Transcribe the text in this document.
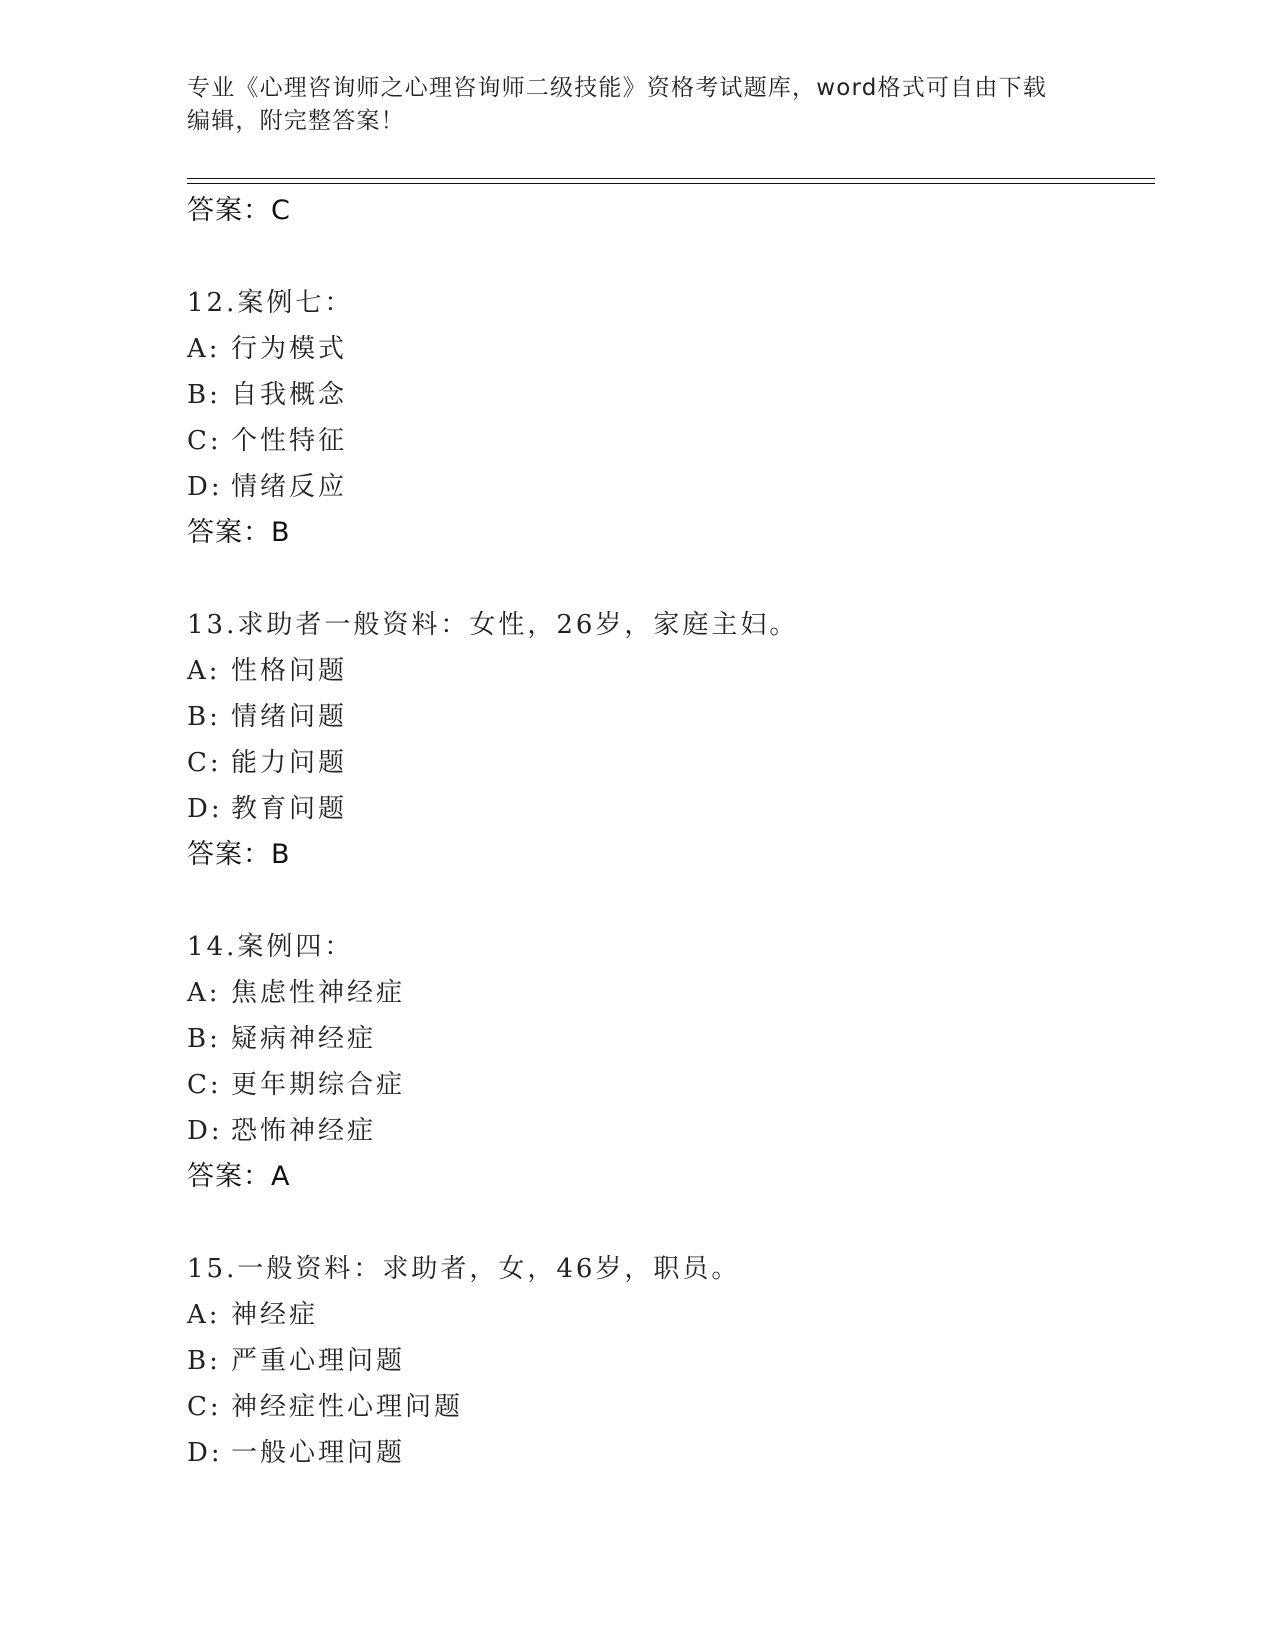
专业《心理咨询师之心理咨询师二级技能》资格考试题库，word格式可自由下载
编辑，附完整答案！
答案：C
12.案例七：
A: 行为模式
B: 自我概念
C: 个性特征
D: 情绪反应
答案：B
13.求助者一般资料：女性，26岁，家庭主妇。
A: 性格问题
B: 情绪问题
C: 能力问题
D: 教育问题
答案：B
14.案例四：
A: 焦虑性神经症
B: 疑病神经症
C: 更年期综合症
D: 恐怖神经症
答案：A
15.一般资料：求助者，女，46岁，职员。
A: 神经症
B: 严重心理问题
C: 神经症性心理问题
D: 一般心理问题
